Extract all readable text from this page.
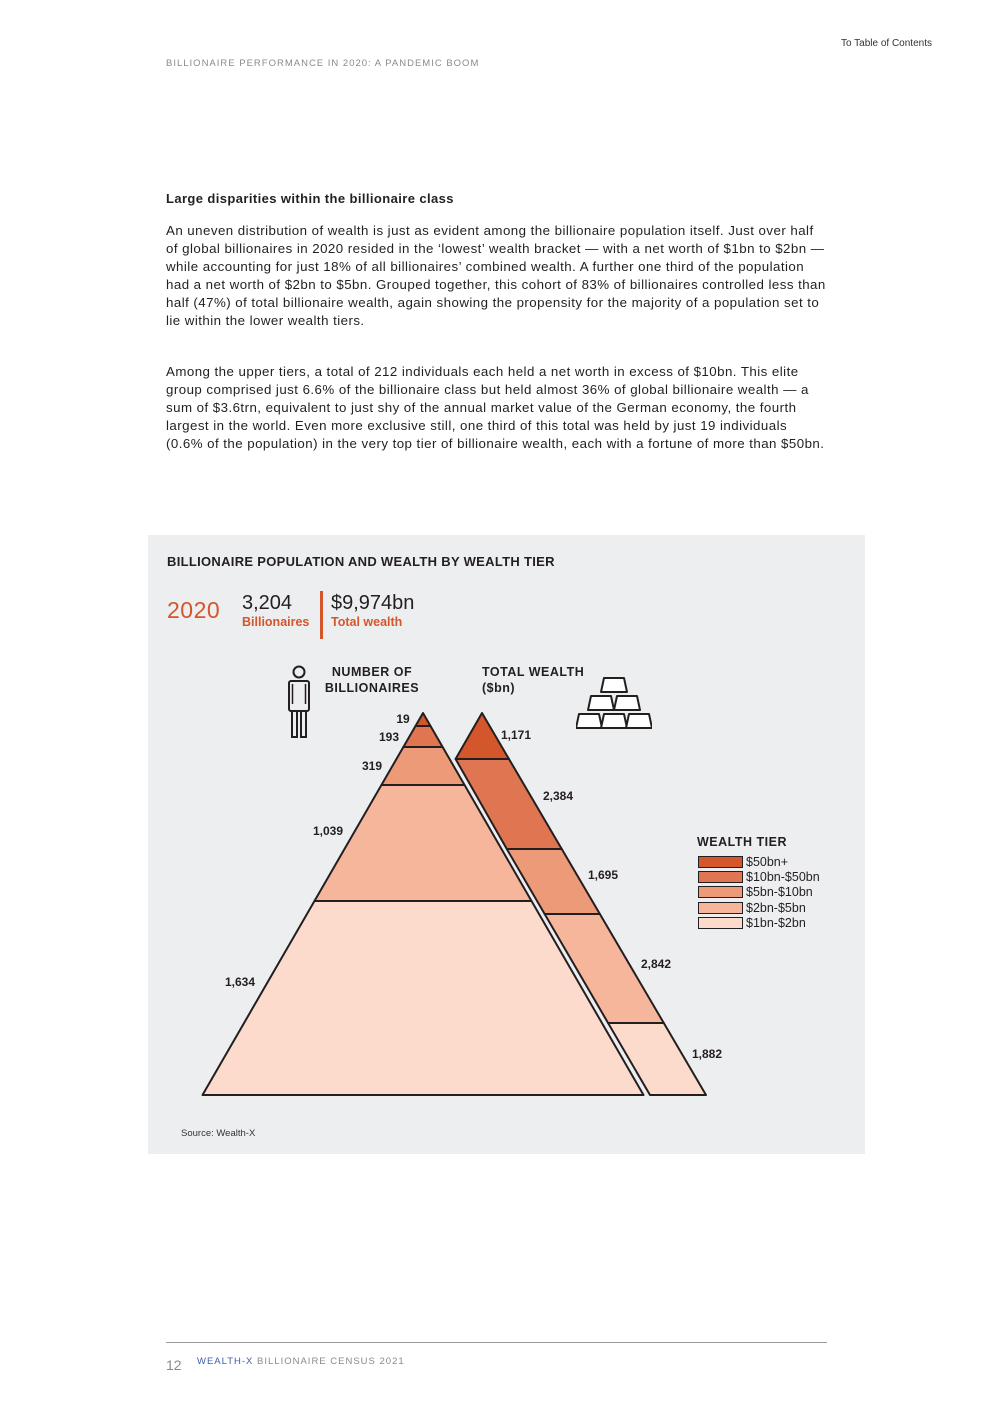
To Table of Contents
BILLIONAIRE PERFORMANCE IN 2020: A PANDEMIC BOOM
Large disparities within the billionaire class

An uneven distribution of wealth is just as evident among the billionaire population itself. Just over half of global billionaires in 2020 resided in the ‘lowest’ wealth bracket — with a net worth of $1bn to $2bn — while accounting for just 18% of all billionaires’ combined wealth. A further one third of the population had a net worth of $2bn to $5bn. Grouped together, this cohort of 83% of billionaires controlled less than half (47%) of total billionaire wealth, again showing the propensity for the majority of a population set to lie within the lower wealth tiers.

Among the upper tiers, a total of 212 individuals each held a net worth in excess of $10bn. This elite group comprised just 6.6% of the billionaire class but held almost 36% of global billionaire wealth — a sum of $3.6trn, equivalent to just shy of the annual market value of the German economy, the fourth largest in the world. Even more exclusive still, one third of this total was held by just 19 individuals (0.6% of the population) in the very top tier of billionaire wealth, each with a fortune of more than $50bn.

BILLIONAIRE POPULATION AND WEALTH BY WEALTH TIER
2020 3,204
Billionaires
$9,974bn
Total wealth
NUMBER OF
BILLIONAIRES
TOTAL WEALTH
($bn)
19
193
319
1,039
1,634
1,171
2,384
1,695
2,842
1,882
WEALTH TIER
$50bn+
$10bn-$50bn
$5bn-$10bn
$2bn-$5bn
$1bn-$2bn
Source: Wealth-X
12 WEALTH-X BILLIONAIRE CENSUS 2021
